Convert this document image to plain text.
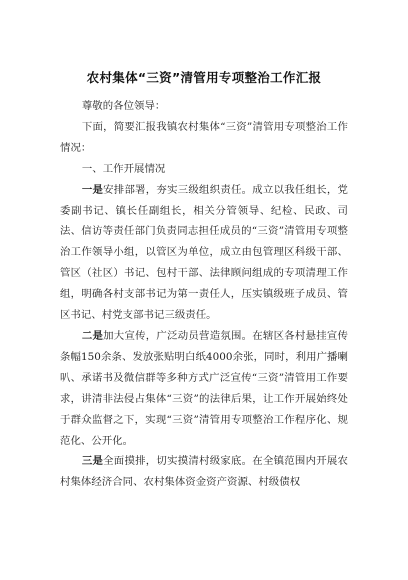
农村集体“三资”清管用专项整治工作汇报

尊敬的各位领导：

下面，简要汇报我镇农村集体“三资”清管用专项整治工作情况：

一、工作开展情况

一是安排部署，夯实三级组织责任。成立以我任组长，党委副书记、镇长任副组长，相关分管领导、纪检、民政、司法、信访等责任部门负责同志担任成员的“三资”清管用专项整治工作领导小组，以管区为单位，成立由包管理区科级干部、管区（社区）书记、包村干部、法律顾问组成的专项清理工作组，明确各村支部书记为第一责任人，压实镇级班子成员、管区书记、村党支部书记三级责任。

二是加大宣传，广泛动员营造氛围。在辖区各村悬挂宣传条幅150余条、发放张贴明白纸4000余张，同时，利用广播喇叭、承诺书及微信群等多种方式广泛宣传“三资”清管用工作要求，讲清非法侵占集体“三资”的法律后果，让工作开展始终处于群众监督之下，实现“三资”清管用专项整治工作程序化、规范化、公开化。

三是全面摸排，切实摸清村级家底。在全镇范围内开展农村集体经济合同、农村集体资金资产资源、村级债权
